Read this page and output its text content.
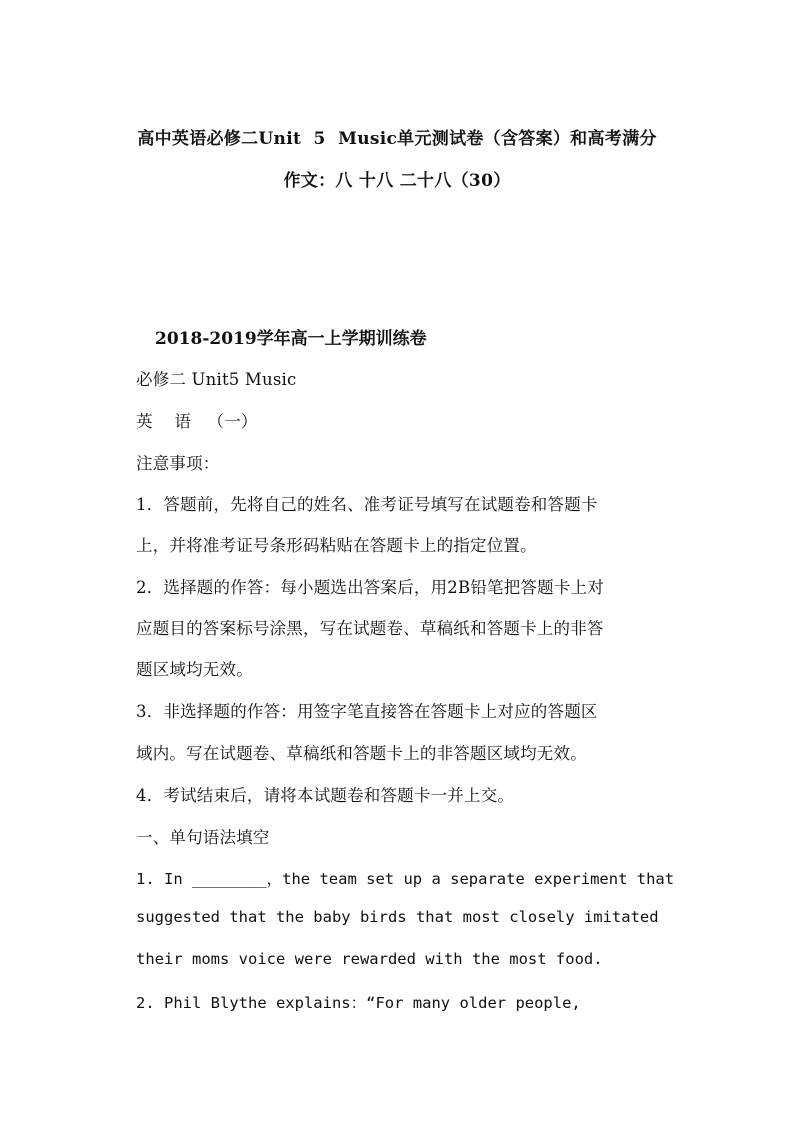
高中英语必修二Unit  5  Music单元测试卷（含答案）和高考满分
作文：八 十八 二十八（30）
2018-2019学年高一上学期训练卷
必修二 Unit5 Music
英    语   （一）
注意事项：
1．答题前，先将自己的姓名、准考证号填写在试题卷和答题卡
上，并将准考证号条形码粘贴在答题卡上的指定位置。
2．选择题的作答：每小题选出答案后，用2B铅笔把答题卡上对
应题目的答案标号涂黑，写在试题卷、草稿纸和答题卡上的非答
题区域均无效。
3．非选择题的作答：用签字笔直接答在答题卡上对应的答题区
域内。写在试题卷、草稿纸和答题卡上的非答题区域均无效。
4．考试结束后，请将本试题卷和答题卡一并上交。
一、单句语法填空
1. In ________，the team set up a separate experiment that
suggested that the baby birds that most closely imitated
their moms voice were rewarded with the most food.
2. Phil Blythe explains：“For many older people,
